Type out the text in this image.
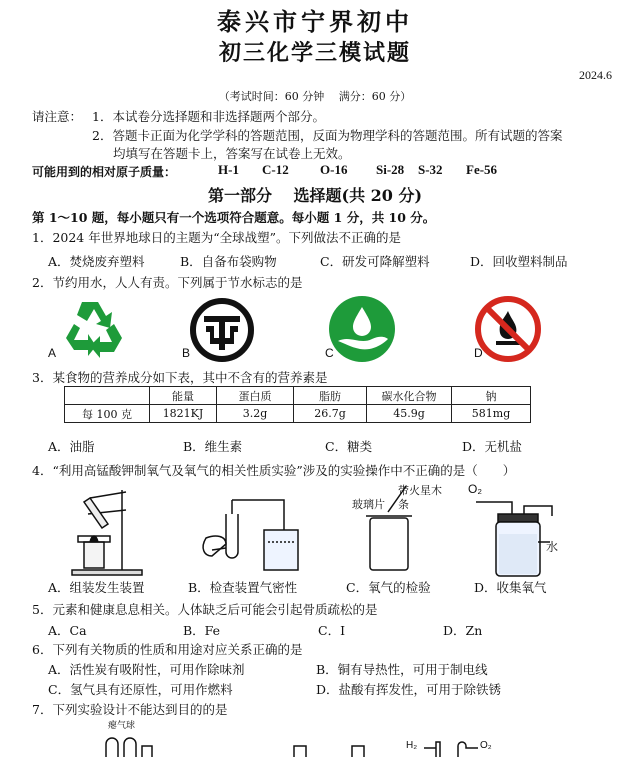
泰兴市宁界初中
初三化学三模试题
2024.6
（考试时间：60 分钟　 满分：60 分）
请注意： 1．本试卷分选择题和非选择题两个部分。
2．答题卡正面为化学学科的答题范围，反面为物理学科的答题范围。所有试题的答案
均填写在答题卡上，答案写在试卷上无效。
可能用到的相对原子质量：	H-1 C-12 O-16 Si-28 S-32 Fe-56
第一部分　 选择题(共 20 分)
第 1～10 题，每小题只有一个选项符合题意。每小题 1 分，共 10 分。
1．2024 年世界地球日的主题为“全球战塑”。下列做法不正确的是
A．焚烧废弃塑料	B．自备布袋购物	C．研发可降解塑料	D．回收塑料制品
2．节约用水，人人有责。下列属于节水标志的是
A	B	C	D
3．某食物的营养成分如下表，其中不含有的营养素是
	能量	蛋白质	脂肪	碳水化合物	钠
每 100 克	1821KJ	3.2g	26.7g	45.9g	581mg
A．油脂	B．维生素	C．糖类	D．无机盐
4．“利用高锰酸钾制氧气及氧气的相关性质实验”涉及的实验操作中不正确的是（　　）
玻璃片
带火星木条
O₂
水
A．组装发生装置	B．检查装置气密性	C．氧气的检验	D．收集氧气
5．元素和健康息息相关。人体缺乏后可能会引起骨质疏松的是
A．Ca	B．Fe	C．I	D．Zn
6．下列有关物质的性质和用途对应关系正确的是
A．活性炭有吸附性，可用作除味剂	B．铜有导热性，可用于制电线
C．氢气具有还原性，可用作燃料	D．盐酸有挥发性，可用于除铁锈
7．下列实验设计不能达到目的的是
瘪气球
H₂	O₂
